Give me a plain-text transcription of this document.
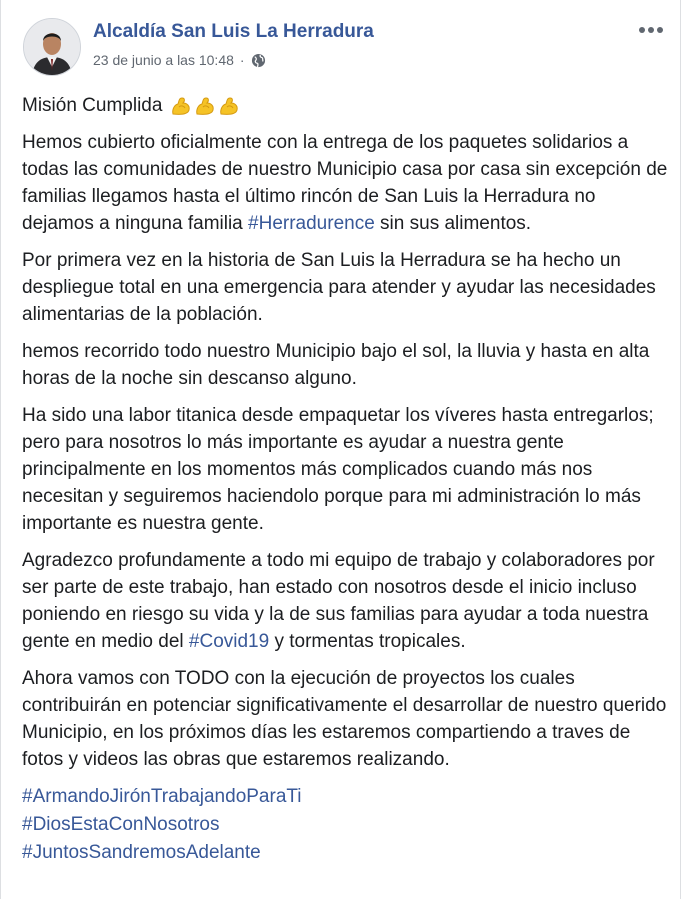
Alcaldía San Luis La Herradura
23 de junio a las 10:48 ·

Misión Cumplida

Hemos cubierto oficialmente con la entrega de los paquetes solidarios a todas las comunidades de nuestro Municipio casa por casa sin excepción de familias llegamos hasta el último rincón de San Luis la Herradura no dejamos a ninguna familia #Herradurence sin sus alimentos.

Por primera vez en la historia de San Luis la Herradura se ha hecho un despliegue total en una emergencia para atender y ayudar las necesidades alimentarias de la población.

hemos recorrido todo nuestro Municipio bajo el sol, la lluvia y hasta en alta horas de la noche sin descanso alguno.

Ha sido una labor titanica desde empaquetar los víveres hasta entregarlos; pero para nosotros lo más importante es ayudar a nuestra gente principalmente en los momentos más complicados cuando más nos necesitan y seguiremos haciendolo porque para mi administración lo más importante es nuestra gente.

Agradezco profundamente a todo mi equipo de trabajo y colaboradores por ser parte de este trabajo, han estado con nosotros desde el inicio incluso poniendo en riesgo su vida y la de sus familias para ayudar a toda nuestra gente en medio del #Covid19 y tormentas tropicales.

Ahora vamos con TODO con la ejecución de proyectos los cuales contribuirán en potenciar significativamente el desarrollar de nuestro querido Municipio, en los próximos días les estaremos compartiendo a traves de fotos y videos las obras que estaremos realizando.

#ArmandoJirónTrabajandoParaTi

#DiosEstaConNosotros

#JuntosSandremosAdelante
